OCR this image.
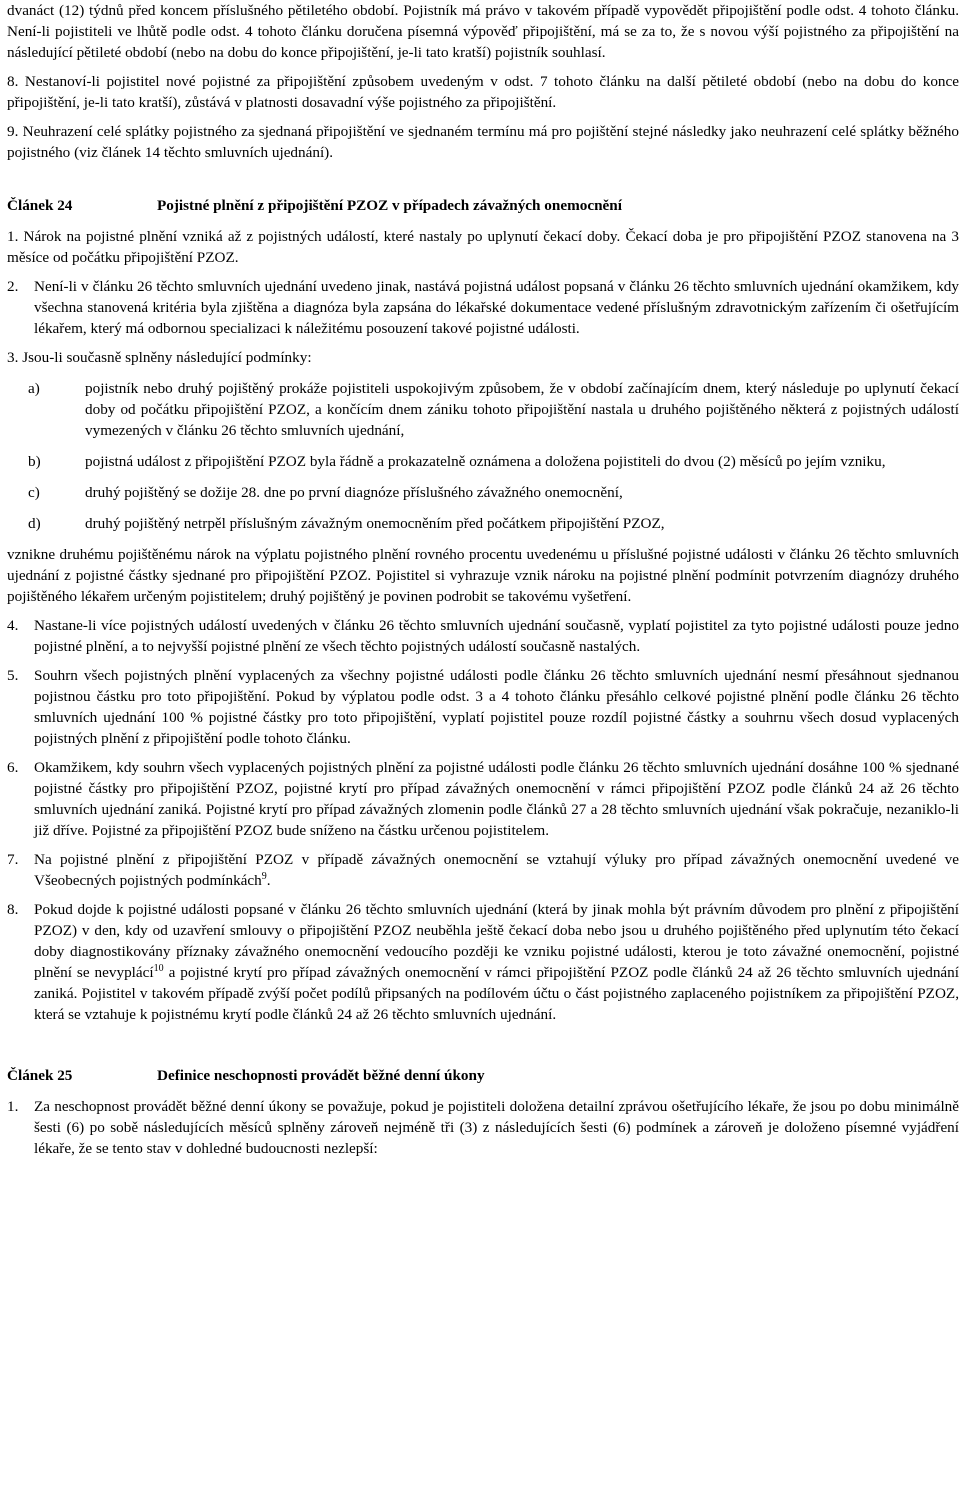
dvanáct (12) týdnů před koncem příslušného pětiletého období. Pojistník má právo v takovém případě vypovědět připojištění podle odst. 4 tohoto článku. Není-li pojistiteli ve lhůtě podle odst. 4 tohoto článku doručena písemná výpověď připojištění, má se za to, že s novou výší pojistného za připojištění na následující pětileté období (nebo na dobu do konce připojištění, je-li tato kratší) pojistník souhlasí.

8. Nestanoví-li pojistitel nové pojistné za připojištění způsobem uvedeným v odst. 7 tohoto článku na další pětileté období (nebo na dobu do konce připojištění, je-li tato kratší), zůstává v platnosti dosavadní výše pojistného za připojištění.

9. Neuhrazení celé splátky pojistného za sjednaná připojištění ve sjednaném termínu má pro pojištění stejné následky jako neuhrazení celé splátky běžného pojistného (viz článek 14 těchto smluvních ujednání).

Článek 24	Pojistné plnění z připojištění PZOZ v případech závažných onemocnění

1. Nárok na pojistné plnění vzniká až z pojistných událostí, které nastaly po uplynutí čekací doby. Čekací doba je pro připojištění PZOZ stanovena na 3 měsíce od počátku připojištění PZOZ.

2.	Není-li v článku 26 těchto smluvních ujednání uvedeno jinak, nastává pojistná událost popsaná v článku 26 těchto smluvních ujednání okamžikem, kdy všechna stanovená kritéria byla zjištěna a diagnóza byla zapsána do lékařské dokumentace vedené příslušným zdravotnickým zařízením či ošetřujícím lékařem, který má odbornou specializaci k náležitému posouzení takové pojistné události.

3. Jsou-li současně splněny následující podmínky:

a)	pojistník nebo druhý pojištěný prokáže pojistiteli uspokojivým způsobem, že v období začínajícím dnem, který následuje po uplynutí čekací doby od počátku připojištění PZOZ, a končícím dnem zániku tohoto připojištění nastala u druhého pojištěného některá z pojistných událostí vymezených v článku 26 těchto smluvních ujednání,
b)	pojistná událost z připojištění PZOZ byla řádně a prokazatelně oznámena a doložena pojistiteli do dvou (2) měsíců po jejím vzniku,
c)	druhý pojištěný se dožije 28. dne po první diagnóze příslušného závažného onemocnění,
d)	druhý pojištěný netrpěl příslušným závažným onemocněním před počátkem připojištění PZOZ,

vznikne druhému pojištěnému nárok na výplatu pojistného plnění rovného procentu uvedenému u příslušné pojistné události v článku 26 těchto smluvních ujednání z pojistné částky sjednané pro připojištění PZOZ. Pojistitel si vyhrazuje vznik nároku na pojistné plnění podmínit potvrzením diagnózy druhého pojištěného lékařem určeným pojistitelem; druhý pojištěný je povinen podrobit se takovému vyšetření.

4.	Nastane-li více pojistných událostí uvedených v článku 26 těchto smluvních ujednání současně, vyplatí pojistitel za tyto pojistné události pouze jedno pojistné plnění, a to nejvyšší pojistné plnění ze všech těchto pojistných událostí současně nastalých.
5.	Souhrn všech pojistných plnění vyplacených za všechny pojistné události podle článku 26 těchto smluvních ujednání nesmí přesáhnout sjednanou pojistnou částku pro toto připojištění. Pokud by výplatou podle odst. 3 a 4 tohoto článku přesáhlo celkové pojistné plnění podle článku 26 těchto smluvních ujednání 100 % pojistné částky pro toto připojištění, vyplatí pojistitel pouze rozdíl pojistné částky a souhrnu všech dosud vyplacených pojistných plnění z připojištění podle tohoto článku.
6.	Okamžikem, kdy souhrn všech vyplacených pojistných plnění za pojistné události podle článku 26 těchto smluvních ujednání dosáhne 100 % sjednané pojistné částky pro připojištění PZOZ, pojistné krytí pro případ závažných onemocnění v rámci připojištění PZOZ podle článků 24 až 26 těchto smluvních ujednání zaniká. Pojistné krytí pro případ závažných zlomenin podle článků 27 a 28 těchto smluvních ujednání však pokračuje, nezaniklo-li již dříve. Pojistné za připojištění PZOZ bude sníženo na částku určenou pojistitelem.
7.	Na pojistné plnění z připojištění PZOZ v případě závažných onemocnění se vztahují výluky pro případ závažných onemocnění uvedené ve Všeobecných pojistných podmínkách$^9$.
8.	Pokud dojde k pojistné události popsané v článku 26 těchto smluvních ujednání (která by jinak mohla být právním důvodem pro plnění z připojištění PZOZ) v den, kdy od uzavření smlouvy o připojištění PZOZ neuběhla ještě čekací doba nebo jsou u druhého pojištěného před uplynutím této čekací doby diagnostikovány příznaky závažného onemocnění vedoucího později ke vzniku pojistné události, kterou je toto závažné onemocnění, pojistné plnění se nevyplácí$^{10}$ a pojistné krytí pro případ závažných onemocnění v rámci připojištění PZOZ podle článků 24 až 26 těchto smluvních ujednání zaniká. Pojistitel v takovém případě zvýší počet podílů připsaných na podílovém účtu o část pojistného zaplaceného pojistníkem za připojištění PZOZ, která se vztahuje k pojistnému krytí podle článků 24 až 26 těchto smluvních ujednání.
Článek 25	Definice neschopnosti provádět běžné denní úkony
1.	Za neschopnost provádět běžné denní úkony se považuje, pokud je pojistiteli doložena detailní zprávou ošetřujícího lékaře, že jsou po dobu minimálně šesti (6) po sobě následujících měsíců splněny zároveň nejméně tři (3) z následujících šesti (6) podmínek a zároveň je doloženo písemné vyjádření lékaře, že se tento stav v dohledné budoucnosti nezlepší:
